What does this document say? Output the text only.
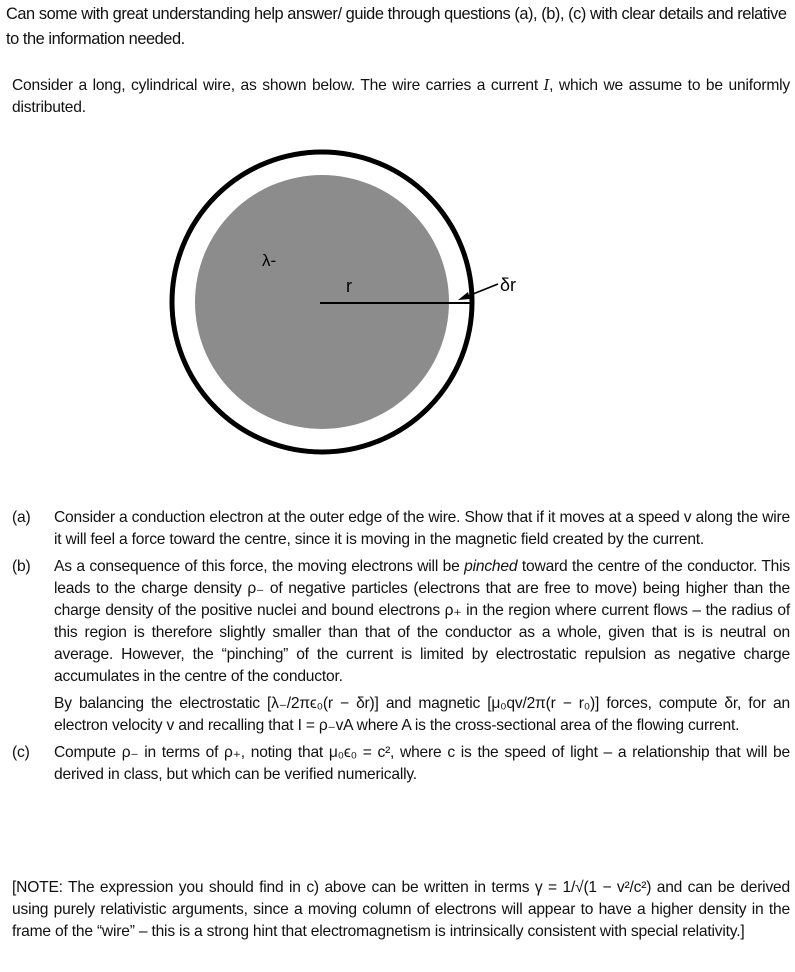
Can some with great understanding help answer/ guide through questions (a), (b), (c) with clear details and relative to the information needed.
Consider a long, cylindrical wire, as shown below. The wire carries a current I, which we assume to be uniformly distributed.
λ-
r	δr
(a)	Consider a conduction electron at the outer edge of the wire. Show that if it moves at a speed v along the wire it will feel a force toward the centre, since it is moving in the magnetic field created by the current.

(b)	As a consequence of this force, the moving electrons will be pinched toward the centre of the conductor. This leads to the charge density ρ₋ of negative particles (electrons that are free to move) being higher than the charge density of the positive nuclei and bound electrons ρ₊ in the region where current flows – the radius of this region is therefore slightly smaller than that of the conductor as a whole, given that is is neutral on average. However, the “pinching” of the current is limited by electrostatic repulsion as negative charge accumulates in the centre of the conductor.

By balancing the electrostatic [λ₋/2πϵ₀(r − δr)] and magnetic [μ₀qv/2π(r − r₀)] forces, compute δr, for an electron velocity v and recalling that I = ρ₋vA where A is the cross-sectional area of the flowing current.

(c)	Compute ρ₋ in terms of ρ₊, noting that μ₀ϵ₀ = c², where c is the speed of light – a relationship that will be derived in class, but which can be verified numerically.

[NOTE: The expression you should find in c) above can be written in terms γ = 1/√(1 − v²/c²) and can be derived using purely relativistic arguments, since a moving column of electrons will appear to have a higher density in the frame of the “wire” – this is a strong hint that electromagnetism is intrinsically consistent with special relativity.]
